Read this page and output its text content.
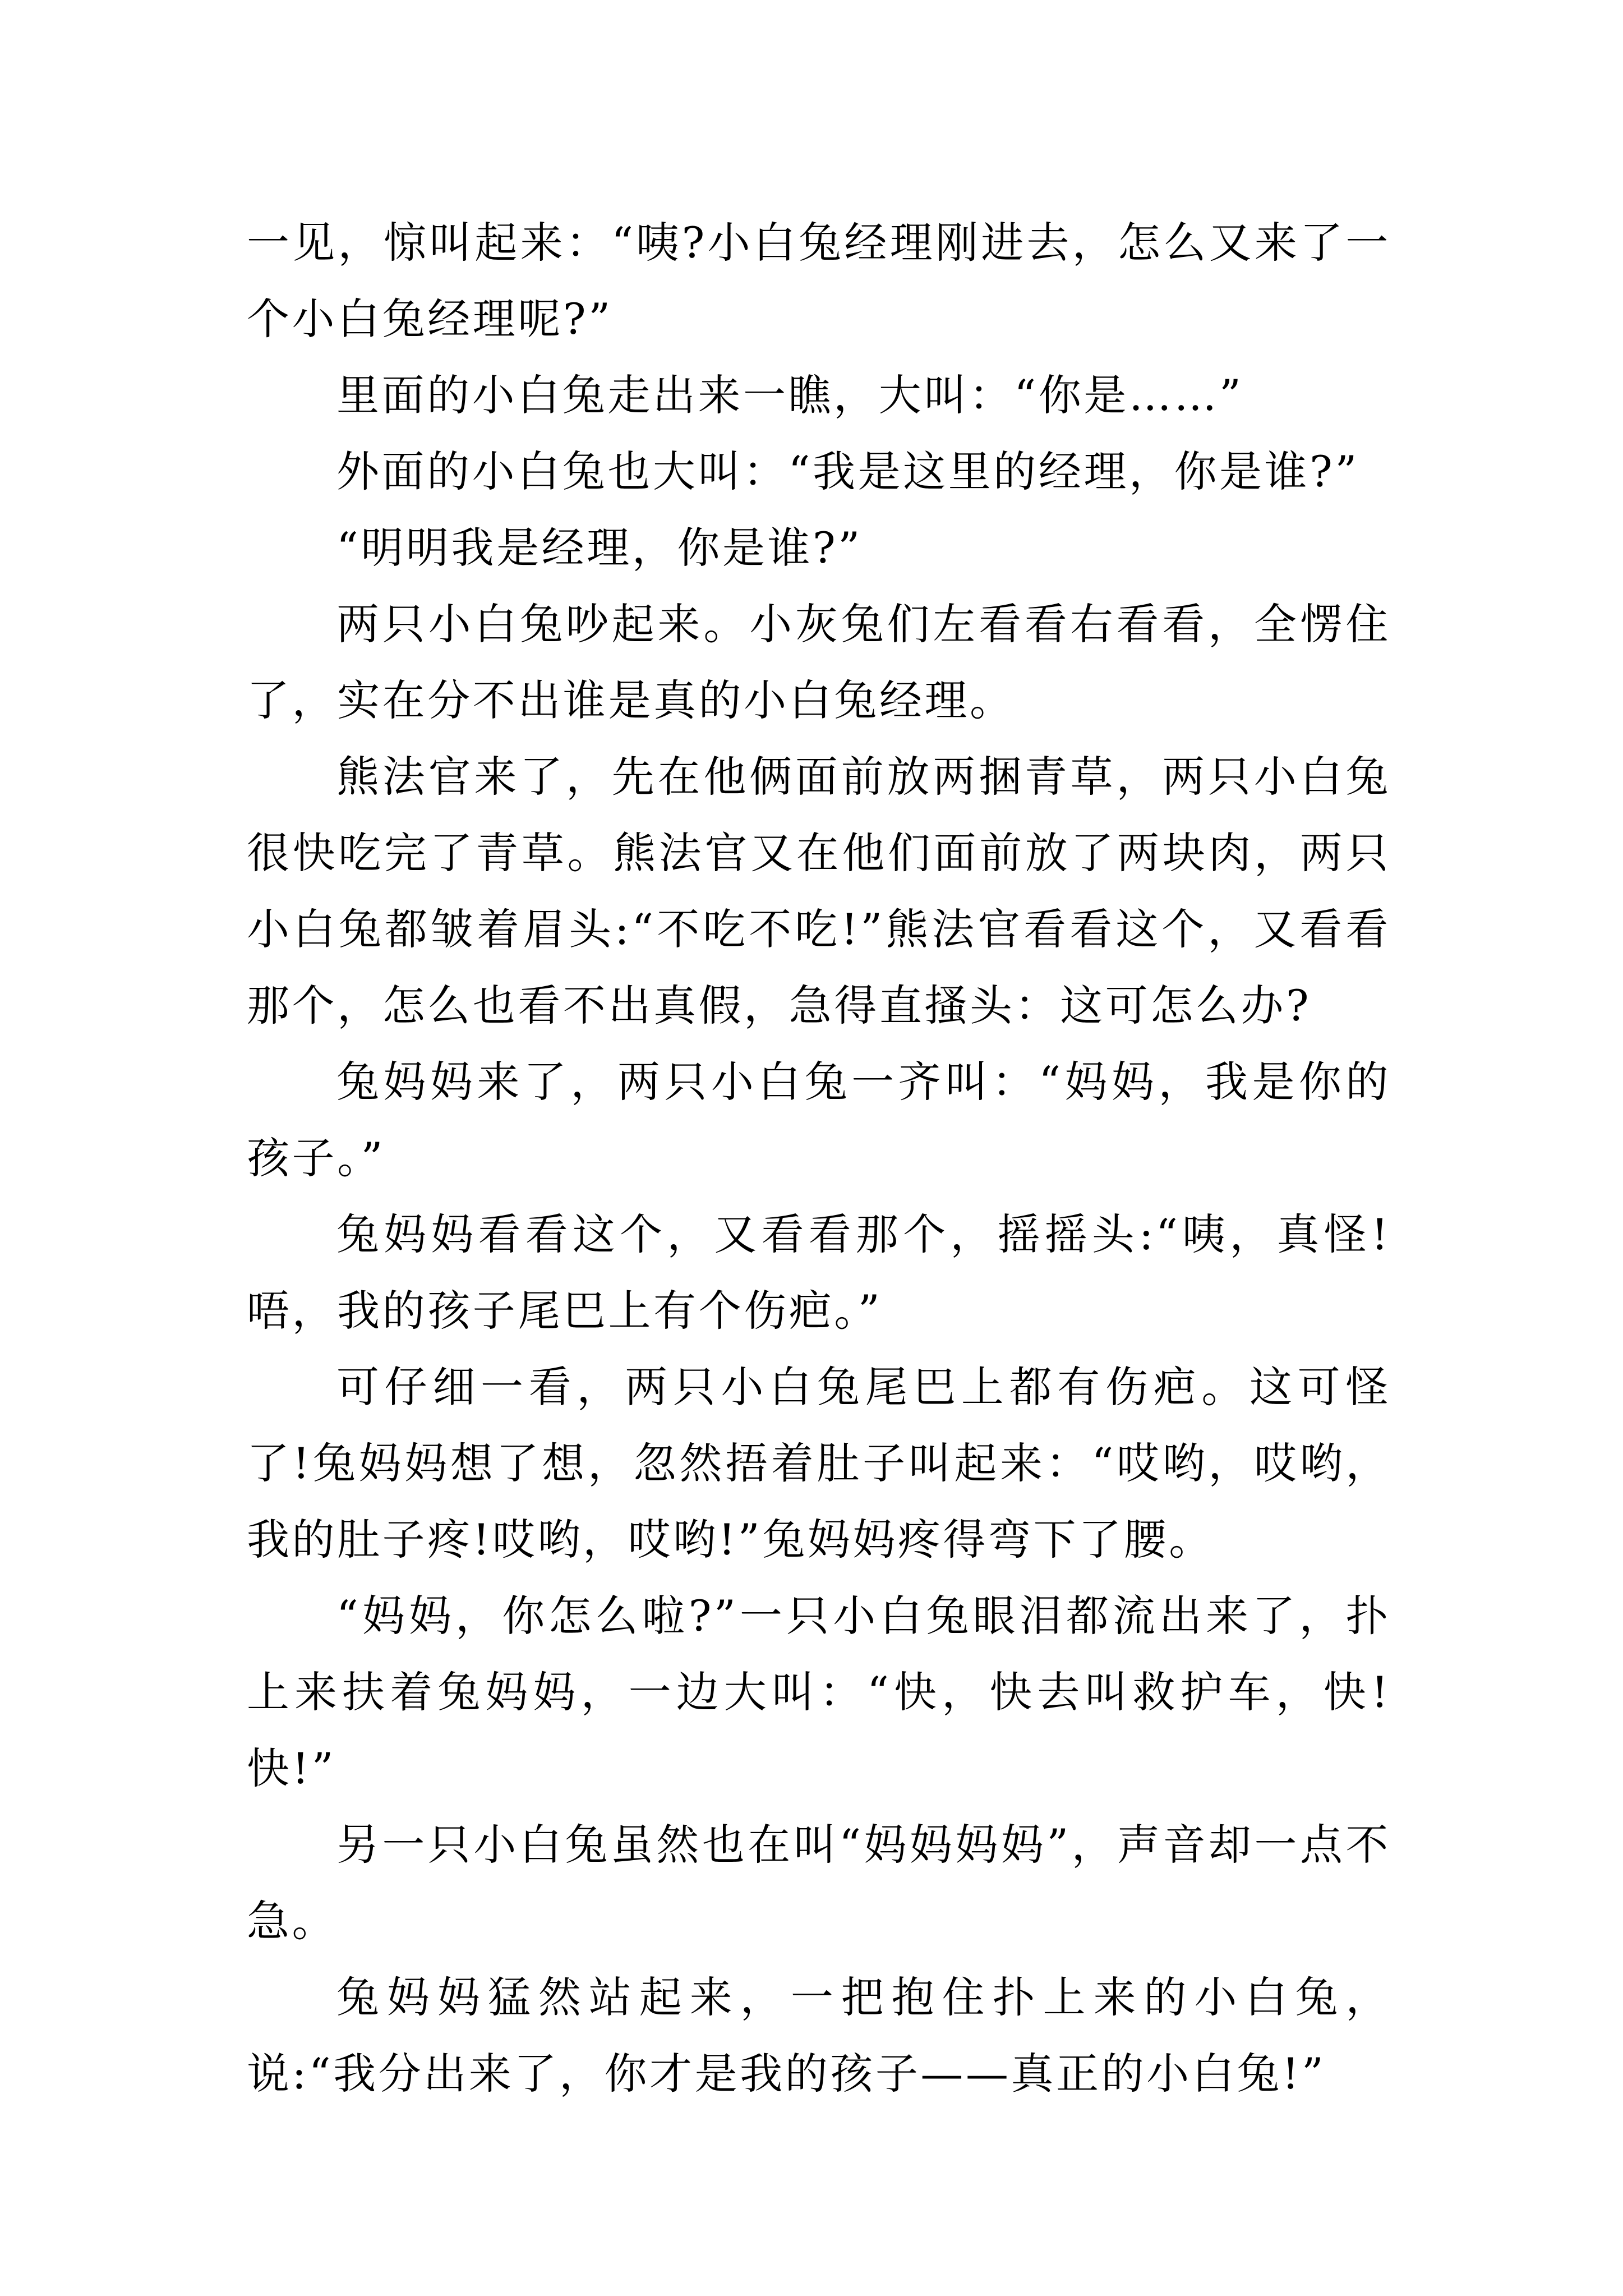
一见，惊叫起来：“咦?小白兔经理刚进去，怎么又来了一个小白兔经理呢?”

里面的小白兔走出来一瞧，大叫：“你是……”

外面的小白兔也大叫：“我是这里的经理，你是谁?”

“明明我是经理，你是谁?”

两只小白兔吵起来。小灰兔们左看看右看看，全愣住了，实在分不出谁是真的小白兔经理。

熊法官来了，先在他俩面前放两捆青草，两只小白兔很快吃完了青草。熊法官又在他们面前放了两块肉，两只小白兔都皱着眉头:“不吃不吃!”熊法官看看这个，又看看那个，怎么也看不出真假，急得直搔头：这可怎么办?

兔妈妈来了，两只小白兔一齐叫：“妈妈，我是你的孩子。”

兔妈妈看看这个，又看看那个，摇摇头:“咦，真怪!唔，我的孩子尾巴上有个伤疤。”

可仔细一看，两只小白兔尾巴上都有伤疤。这可怪了!兔妈妈想了想，忽然捂着肚子叫起来：“哎哟，哎哟，我的肚子疼!哎哟，哎哟!”兔妈妈疼得弯下了腰。

“妈妈，你怎么啦?”一只小白兔眼泪都流出来了，扑上来扶着兔妈妈，一边大叫：“快，快去叫救护车，快!快!”

另一只小白兔虽然也在叫“妈妈妈妈”，声音却一点不急。

兔妈妈猛然站起来，一把抱住扑上来的小白兔，说:“我分出来了，你才是我的孩子——真正的小白兔!”
